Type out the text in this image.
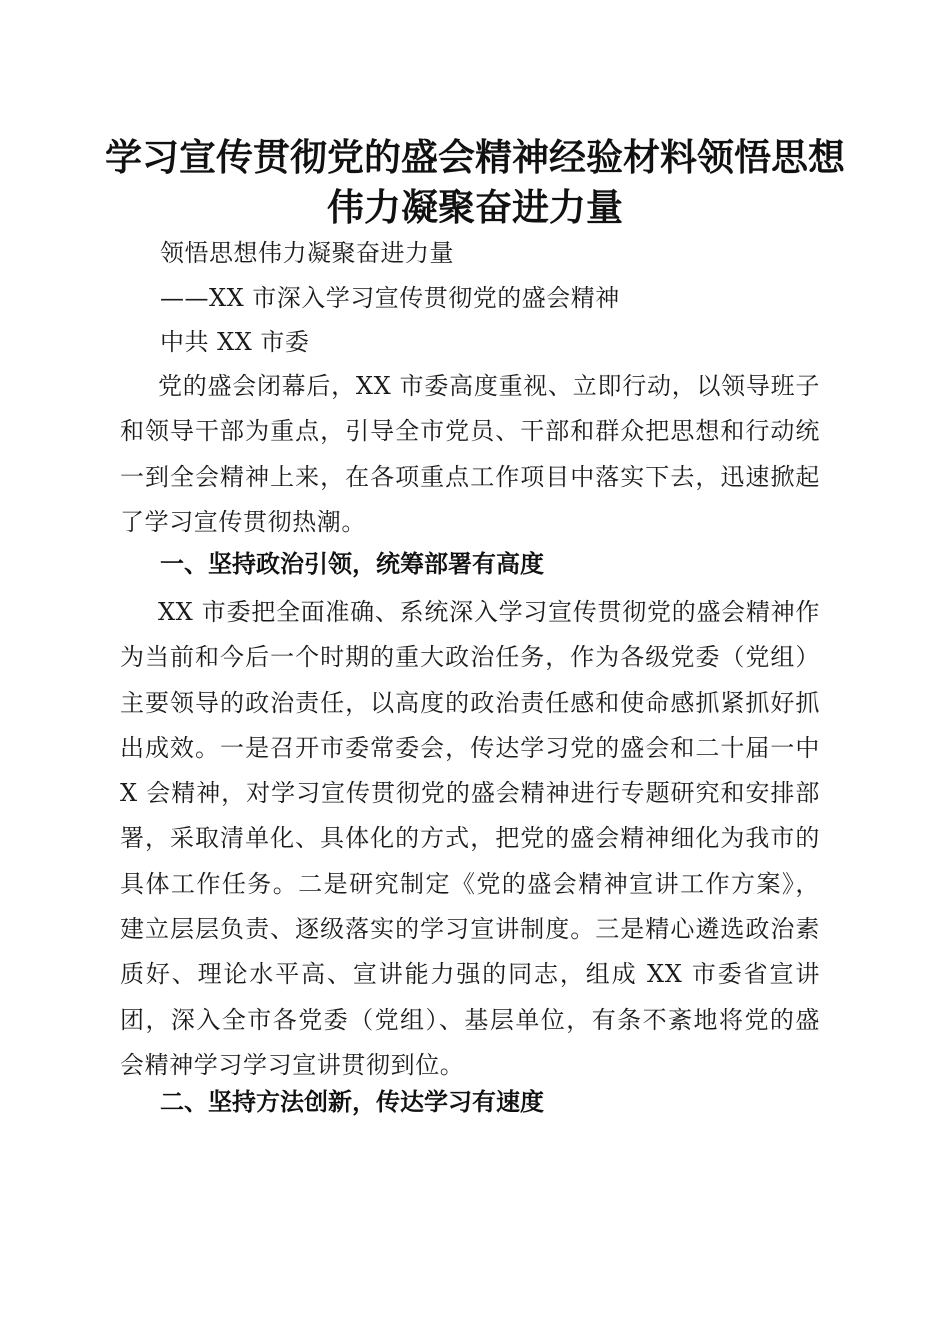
学习宣传贯彻党的盛会精神经验材料领悟思想
伟力凝聚奋进力量
领悟思想伟力凝聚奋进力量
——XX 市深入学习宣传贯彻党的盛会精神
中共 XX 市委

党的盛会闭幕后，XX 市委高度重视、立即行动，以领导班子和领导干部为重点，引导全市党员、干部和群众把思想和行动统一到全会精神上来，在各项重点工作项目中落实下去，迅速掀起了学习宣传贯彻热潮。

一、坚持政治引领，统筹部署有高度

XX 市委把全面准确、系统深入学习宣传贯彻党的盛会精神作为当前和今后一个时期的重大政治任务，作为各级党委（党组）主要领导的政治责任，以高度的政治责任感和使命感抓紧抓好抓出成效。一是召开市委常委会，传达学习党的盛会和二十届一中 X 会精神，对学习宣传贯彻党的盛会精神进行专题研究和安排部署，采取清单化、具体化的方式，把党的盛会精神细化为我市的具体工作任务。二是研究制定《党的盛会精神宣讲工作方案》，建立层层负责、逐级落实的学习宣讲制度。三是精心遴选政治素质好、理论水平高、宣讲能力强的同志，组成 XX 市委省宣讲团，深入全市各党委（党组）、基层单位，有条不紊地将党的盛会精神学习学习宣讲贯彻到位。

二、坚持方法创新，传达学习有速度
